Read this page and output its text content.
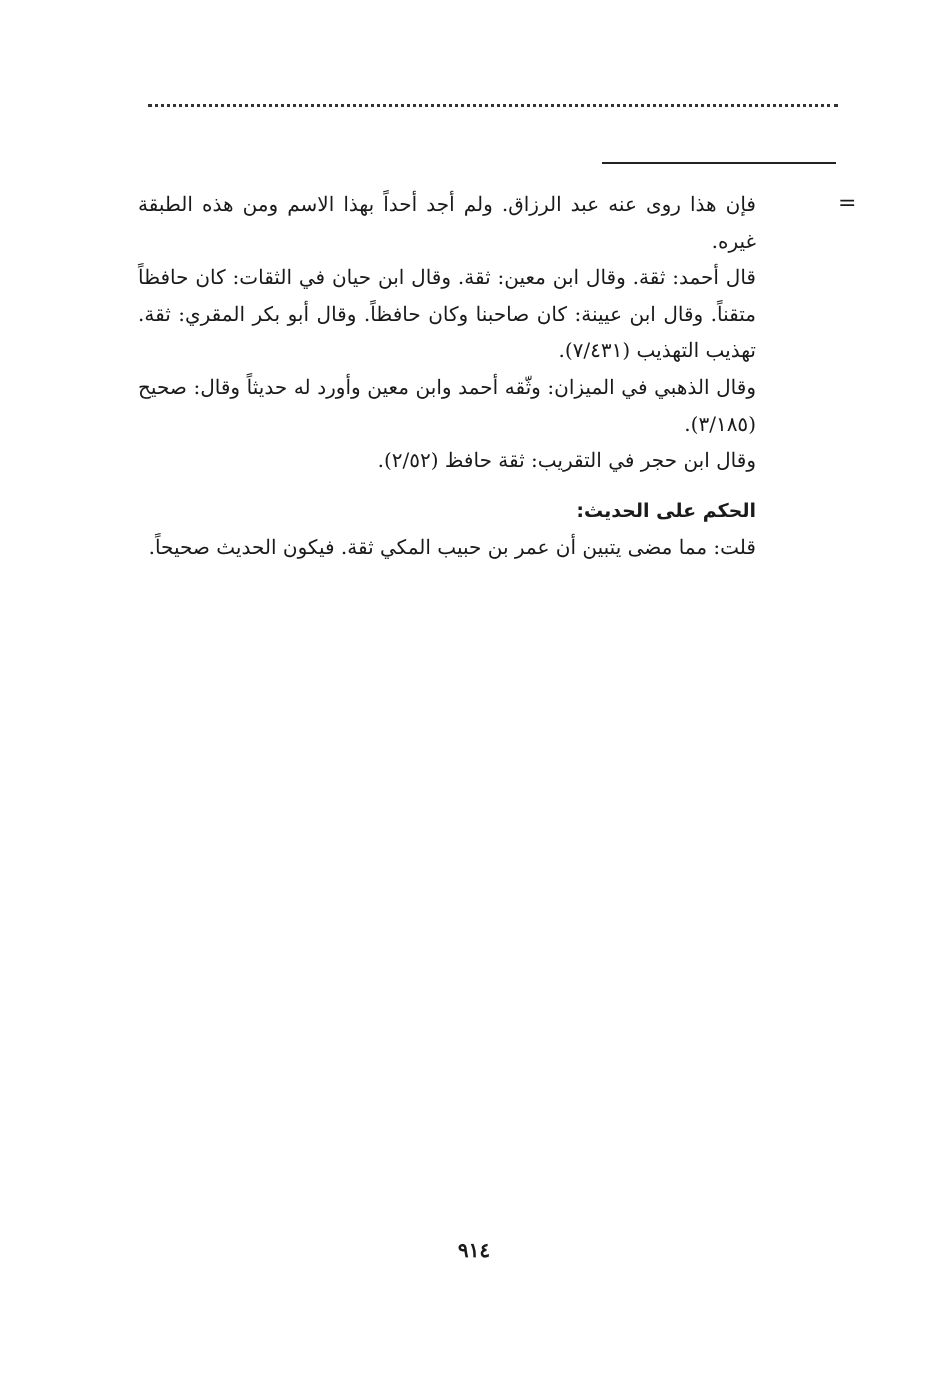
=

فإن هذا روى عنه عبد الرزاق. ولم أجد أحداً بهذا الاسم ومن هذه الطبقة غيره.

قال أحمد: ثقة. وقال ابن معين: ثقة. وقال ابن حيان في الثقات: كان حافظاً متقناً. وقال ابن عيينة: كان صاحبنا وكان حافظاً. وقال أبو بكر المقري: ثقة. تهذيب التهذيب (٧/٤٣١).

وقال الذهبي في الميزان: وثّقه أحمد وابن معين وأورد له حديثاً وقال: صحيح (٣/١٨٥).

وقال ابن حجر في التقريب: ثقة حافظ (٢/٥٢).

الحكم على الحديث:

قلت: مما مضى يتبين أن عمر بن حبيب المكي ثقة. فيكون الحديث صحيحاً.

٩١٤
